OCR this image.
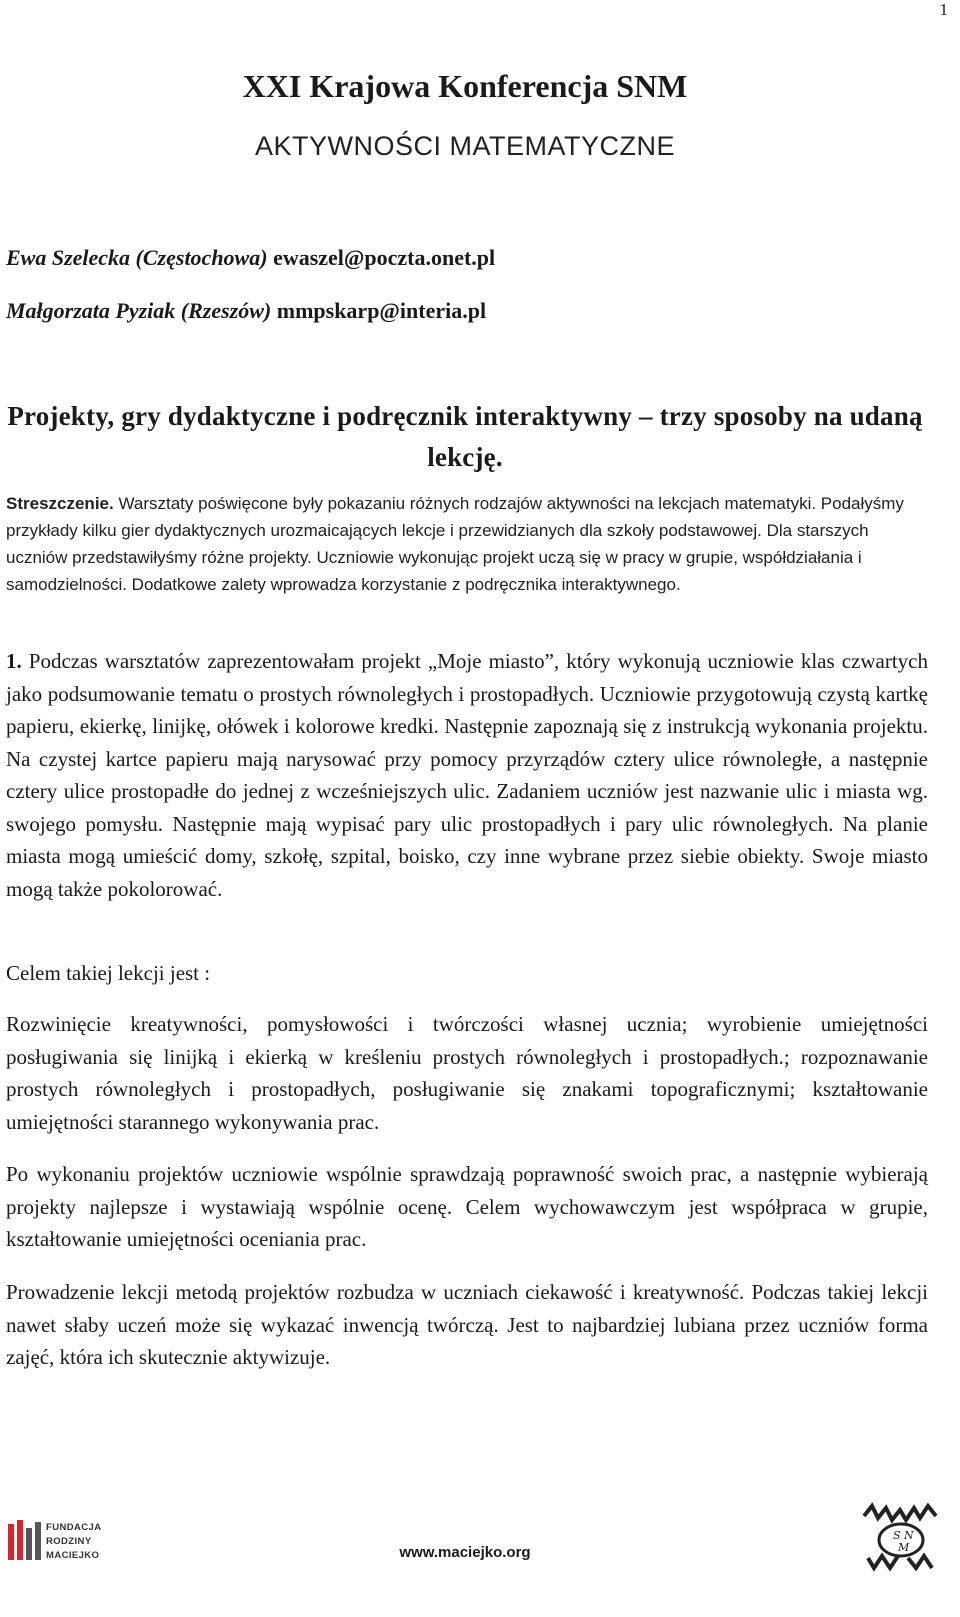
1
XXI Krajowa Konferencja SNM
AKTYWNOŚCI MATEMATYCZNE
Ewa Szelecka (Częstochowa) ewaszel@poczta.onet.pl
Małgorzata Pyziak (Rzeszów) mmpskarp@interia.pl
Projekty, gry dydaktyczne i podręcznik interaktywny – trzy sposoby na udaną lekcję.
Streszczenie. Warsztaty poświęcone były pokazaniu różnych rodzajów aktywności na lekcjach matematyki. Podałyśmy przykłady kilku gier dydaktycznych urozmaicających lekcje i przewidzianych dla szkoły podstawowej. Dla starszych uczniów przedstawiłyśmy różne projekty. Uczniowie wykonując projekt uczą się w pracy w grupie, współdziałania i samodzielności. Dodatkowe zalety wprowadza korzystanie z podręcznika interaktywnego.
1. Podczas warsztatów zaprezentowałam projekt „Moje miasto”, który wykonują uczniowie klas czwartych jako podsumowanie tematu o prostych równoległych i prostopadłych. Uczniowie przygotowują czystą kartkę papieru, ekierkę, linijkę, ołówek i kolorowe kredki. Następnie zapoznają się z instrukcją wykonania projektu. Na czystej kartce papieru mają narysować przy pomocy przyrządów cztery ulice równoległe, a następnie cztery ulice prostopadłe do jednej z wcześniejszych ulic. Zadaniem uczniów jest nazwanie ulic i miasta wg. swojego pomysłu. Następnie mają wypisać pary ulic prostopadłych i pary ulic równoległych. Na planie miasta mogą umieścić domy, szkołę, szpital, boisko, czy inne wybrane przez siebie obiekty. Swoje miasto mogą także pokolorować.
Celem takiej lekcji jest :
Rozwinięcie kreatywności, pomysłowości i twórczości własnej ucznia; wyrobienie umiejętności posługiwania się linijką i ekierką w kreśleniu prostych równoległych i prostopadłych.; rozpoznawanie prostych równoległych i prostopadłych, posługiwanie się znakami topograficznymi; kształtowanie umiejętności starannego wykonywania prac.
Po wykonaniu projektów uczniowie wspólnie sprawdzają poprawność swoich prac, a następnie wybierają projekty najlepsze i wystawiają wspólnie ocenę. Celem wychowawczym jest współpraca w grupie, kształtowanie umiejętności oceniania prac.
Prowadzenie lekcji metodą projektów rozbudza w uczniach ciekawość i kreatywność. Podczas takiej lekcji nawet słaby uczeń może się wykazać inwencją twórczą. Jest to najbardziej lubiana przez uczniów forma zajęć, która ich skutecznie aktywizuje.
FUNDACJA
RODZINY
MACIEJKO	www.maciejko.org
S N
M
